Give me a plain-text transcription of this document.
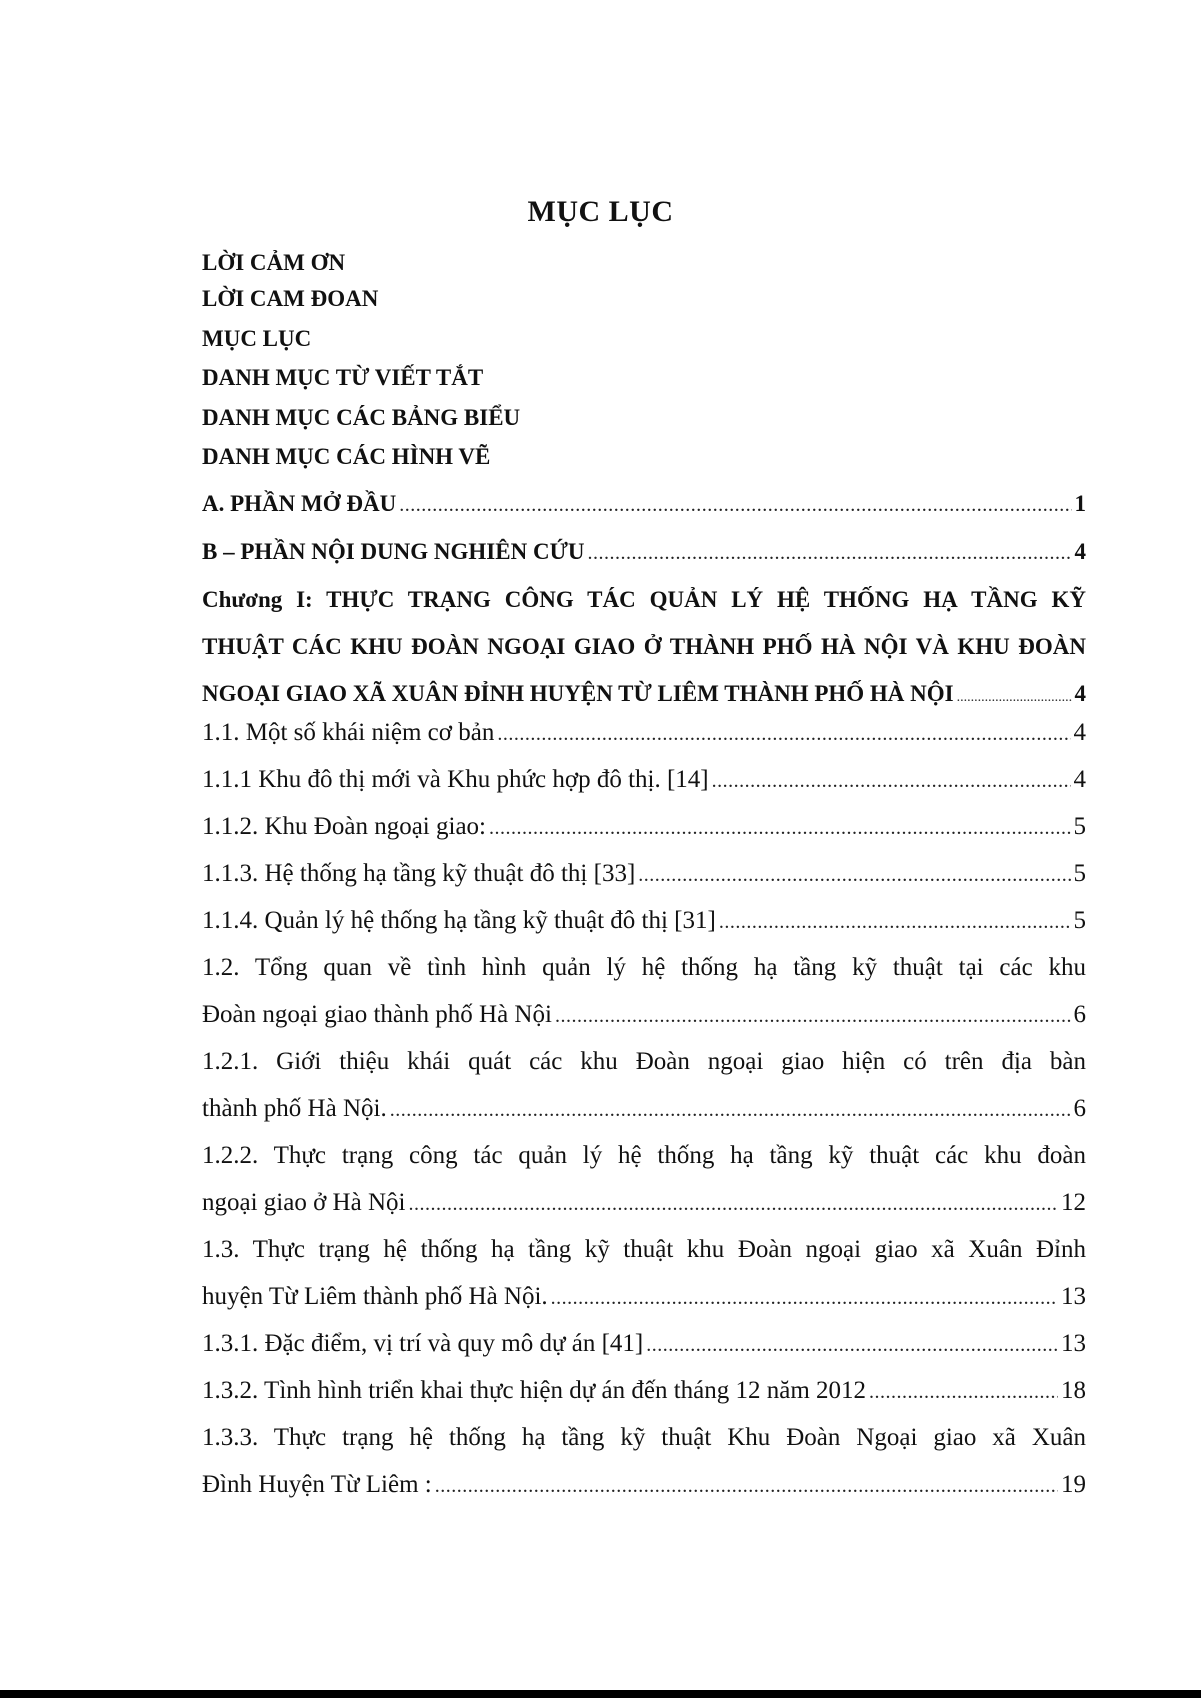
MỤC LỤC
LỜI CẢM ƠN
LỜI CAM ĐOAN
MỤC LỤC
DANH MỤC TỪ VIẾT TẮT
DANH MỤC CÁC BẢNG BIỂU
DANH MỤC CÁC HÌNH VẼ
A. PHẦN MỞ ĐẦU .....	1
B – PHẦN NỘI DUNG NGHIÊN CỨU .....	4
Chương I: THỰC TRẠNG CÔNG TÁC QUẢN LÝ HỆ THỐNG HẠ TẦNG KỸ
THUẬT CÁC KHU ĐOÀN NGOẠI GIAO Ở THÀNH PHỐ HÀ NỘI VÀ KHU ĐOÀN
NGOẠI GIAO XÃ XUÂN ĐỈNH HUYỆN TỪ LIÊM THÀNH PHỐ HÀ NỘI .....	4
1.1. Một số khái niệm cơ bản .....	4
1.1.1 Khu đô thị mới và Khu phức hợp đô thị. [14] .....	4
1.1.2. Khu Đoàn ngoại giao: .....	5
1.1.3. Hệ thống hạ tầng kỹ thuật đô thị [33] .....	5
1.1.4. Quản lý hệ thống hạ tầng kỹ thuật đô thị [31] .....	5
1.2. Tổng quan về tình hình quản lý hệ thống hạ tầng kỹ thuật tại các khu
Đoàn ngoại giao thành phố Hà Nội .....	6
1.2.1. Giới thiệu khái quát các khu Đoàn ngoại giao hiện có trên địa bàn
thành phố Hà Nội. .....	6
1.2.2. Thực trạng công tác quản lý hệ thống hạ tầng kỹ thuật các khu đoàn
ngoại giao ở Hà Nội .....	12
1.3. Thực trạng hệ thống hạ tầng kỹ thuật khu Đoàn ngoại giao xã Xuân Đỉnh
huyện Từ Liêm thành phố Hà Nội. .....	13
1.3.1. Đặc điểm, vị trí và quy mô dự án [41] .....	13
1.3.2. Tình hình triển khai thực hiện dự án đến tháng 12 năm 2012 .....	18
1.3.3. Thực trạng hệ thống hạ tầng kỹ thuật Khu Đoàn Ngoại giao xã Xuân
Đình Huyện Từ Liêm : .....	19
